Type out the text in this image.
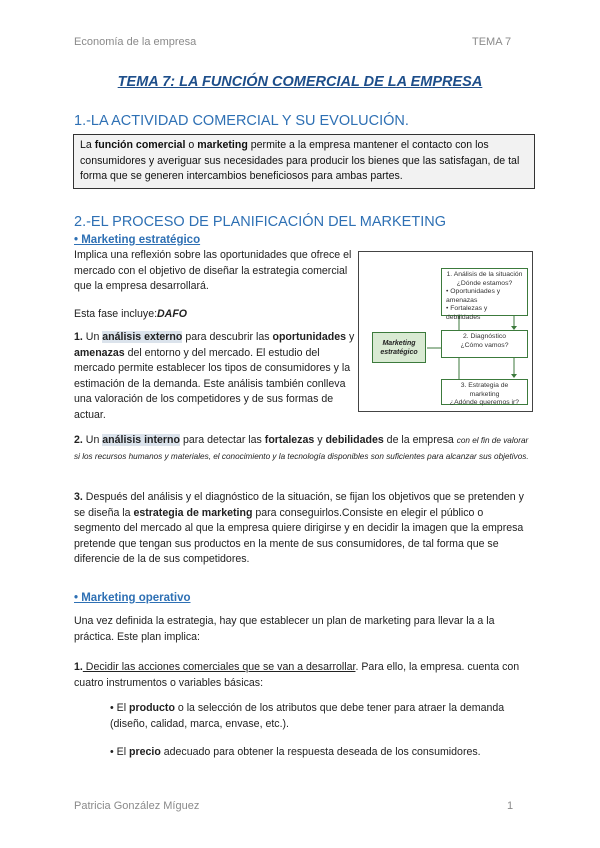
Economía de la empresa	TEMA 7
TEMA 7: LA FUNCIÓN COMERCIAL DE LA EMPRESA
1.-LA ACTIVIDAD COMERCIAL Y SU EVOLUCIÓN.
La función comercial o marketing permite a la empresa mantener el contacto con los consumidores y averiguar sus necesidades para producir los bienes que las satisfagan, de tal forma que se generen intercambios beneficiosos para ambas partes.
2.-EL PROCESO DE PLANIFICACIÓN DEL MARKETING
• Marketing estratégico
Implica una reflexión sobre las oportunidades que ofrece el mercado con el objetivo de diseñar la estrategia comercial que la empresa desarrollará.
Esta fase incluye:DAFO
1. Un análisis externo para descubrir las oportunidades y amenazas del entorno y del mercado. El estudio del mercado permite establecer los tipos de consumidores y la estimación de la demanda. Este análisis también conlleva una valoración de los competidores y de sus formas de actuar.
Marketing estratégico
1. Análisis de la situación
¿Dónde estamos?
• Oportunidades y amenazas
• Fortalezas y debilidades
2. Diagnóstico
¿Cómo vamos?
3. Estrategia de marketing
¿Adónde queremos ir?
2. Un análisis interno para detectar las fortalezas y debilidades de la empresa con el fin de valorar si los recursos humanos y materiales, el conocimiento y la tecnología disponibles son suficientes para alcanzar sus objetivos.
3. Después del análisis y el diagnóstico de la situación, se fijan los objetivos que se pretenden y se diseña la estrategia de marketing para conseguirlos.Consiste en elegir el público o segmento del mercado al que la empresa quiere dirigirse y en decidir la imagen que la empresa pretende que tengan sus productos en la mente de sus consumidores, de tal forma que se diferencie de la de sus competidores.
• Marketing operativo
Una vez definida la estrategia, hay que establecer un plan de marketing para llevar la a la práctica. Este plan implica:
1. Decidir las acciones comerciales que se van a desarrollar. Para ello, la empresa. cuenta con cuatro instrumentos o variables básicas:
• El producto o la selección de los atributos que debe tener para atraer la demanda (diseño, calidad, marca, envase, etc.).
• El precio adecuado para obtener la respuesta deseada de los consumidores.
Patricia González Míguez	1
